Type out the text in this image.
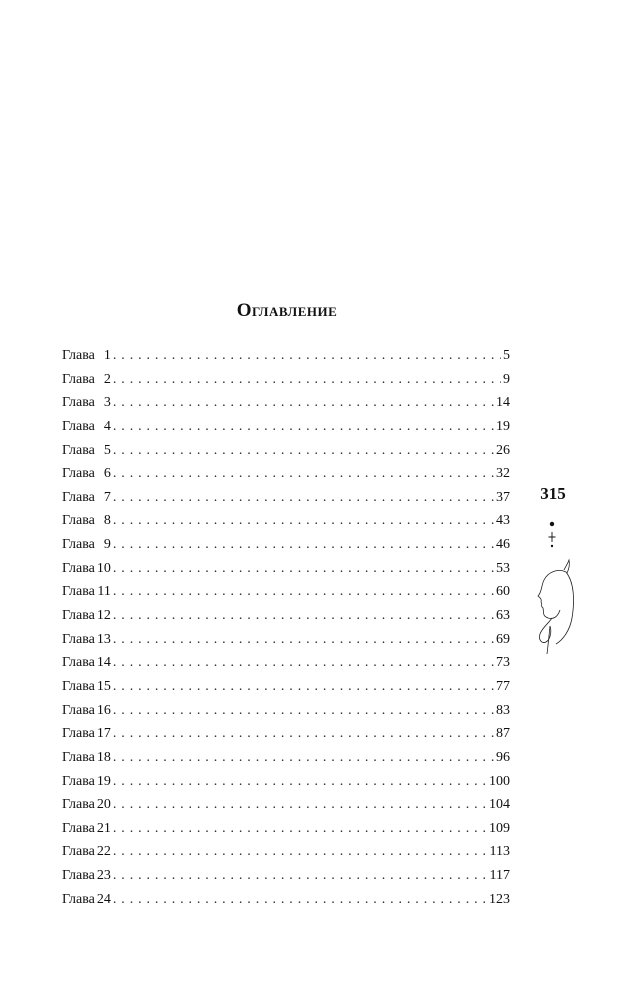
Оглавление
Глава 1 . . .	5
Глава 2 . . .	9
Глава 3 . . .	14
Глава 4 . . .	19
Глава 5 . . .	26
Глава 6 . . .	32
Глава 7 . . .	37
Глава 8 . . .	43
Глава 9 . . .	46
Глава 10 . . .	53
Глава 11 . . .	60
Глава 12 . . .	63
Глава 13 . . .	69
Глава 14 . . .	73
Глава 15 . . .	77
Глава 16 . . .	83
Глава 17 . . .	87
Глава 18 . . .	96
Глава 19 . . .	100
Глава 20 . . .	104
Глава 21 . . .	109
Глава 22 . . .	113
Глава 23 . . .	117
Глава 24 . . .	123
315
